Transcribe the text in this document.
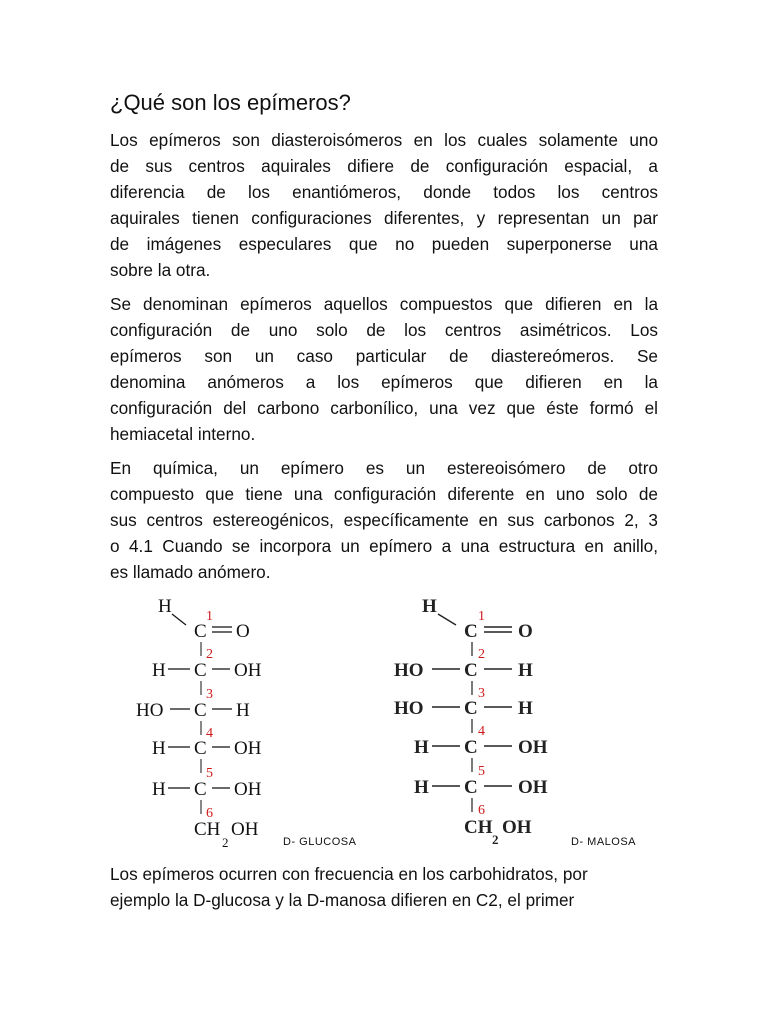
¿Qué son los epímeros?

Los epímeros son diasteroisómeros en los cuales solamente uno
de sus centros aquirales difiere de configuración espacial, a
diferencia de los enantiómeros, donde todos los centros
aquirales tienen configuraciones diferentes, y representan un par
de imágenes especulares que no pueden superponerse una
sobre la otra.

Se denominan epímeros aquellos compuestos que difieren en la
configuración de uno solo de los centros asimétricos. Los
epímeros son un caso particular de diastereómeros. Se
denomina anómeros a los epímeros que difieren en la
configuración del carbono carbonílico, una vez que éste formó el
hemiacetal interno.

En química, un epímero es un estereoisómero de otro
compuesto que tiene una configuración diferente en uno solo de
sus centros estereogénicos, específicamente en sus carbonos 2, 3
o 4.1 Cuando se incorpora un epímero a una estructura en anillo,
es llamado anómero.

H
C O
H C OH
HO C H
H C OH
H C OH
CH
2
OH
1
2
3
4
5
6
D- GLUCOSA
H
C O
HO C H
HO C H
H C OH
H C OH
CH
2
OH
1
2
3
4
5
6
D- MALOSA

Los epímeros ocurren con frecuencia en los carbohidratos, por
ejemplo la D-glucosa y la D-manosa difieren en C2, el primer
